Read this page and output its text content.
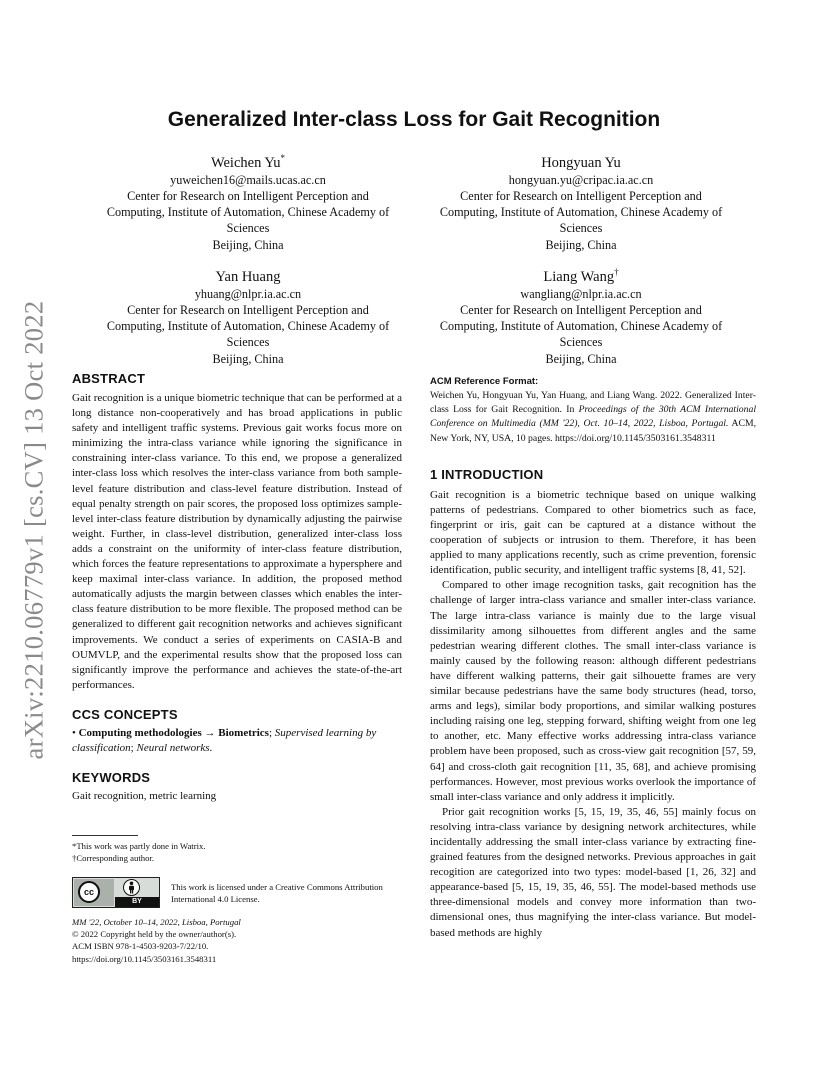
arXiv:2210.06779v1 [cs.CV] 13 Oct 2022
Generalized Inter-class Loss for Gait Recognition
Weichen Yu*
yuweichen16@mails.ucas.ac.cn
Center for Research on Intelligent Perception and
Computing, Institute of Automation, Chinese Academy of
Sciences
Beijing, China
Hongyuan Yu
hongyuan.yu@cripac.ia.ac.cn
Center for Research on Intelligent Perception and
Computing, Institute of Automation, Chinese Academy of
Sciences
Beijing, China
Yan Huang
yhuang@nlpr.ia.ac.cn
Center for Research on Intelligent Perception and
Computing, Institute of Automation, Chinese Academy of
Sciences
Beijing, China
Liang Wang†
wangliang@nlpr.ia.ac.cn
Center for Research on Intelligent Perception and
Computing, Institute of Automation, Chinese Academy of
Sciences
Beijing, China

ABSTRACT

Gait recognition is a unique biometric technique that can be performed at a long distance non-cooperatively and has broad applications in public safety and intelligent traffic systems. Previous gait works focus more on minimizing the intra-class variance while ignoring the significance in constraining inter-class variance. To this end, we propose a generalized inter-class loss which resolves the inter-class variance from both sample-level feature distribution and class-level feature distribution. Instead of equal penalty strength on pair scores, the proposed loss optimizes sample-level inter-class feature distribution by dynamically adjusting the pairwise weight. Further, in class-level distribution, generalized inter-class loss adds a constraint on the uniformity of inter-class feature distribution, which forces the feature representations to approximate a hypersphere and keep maximal inter-class variance. In addition, the proposed method automatically adjusts the margin between classes which enables the inter-class feature distribution to be more flexible. The proposed method can be generalized to different gait recognition networks and achieves significant improvements. We conduct a series of experiments on CASIA-B and OUMVLP, and the experimental results show that the proposed loss can significantly improve the performance and achieves the state-of-the-art performances.

CCS CONCEPTS

• Computing methodologies → Biometrics; Supervised learning by classification; Neural networks.

KEYWORDS

Gait recognition, metric learning

*This work was partly done in Watrix.

†Corresponding author.

cc
BY
This work is licensed under a Creative Commons Attribution International 4.0 License.

MM '22, October 10–14, 2022, Lisboa, Portugal

© 2022 Copyright held by the owner/author(s).

ACM ISBN 978-1-4503-9203-7/22/10.

https://doi.org/10.1145/3503161.3548311

ACM Reference Format:

Weichen Yu, Hongyuan Yu, Yan Huang, and Liang Wang. 2022. Generalized Inter-class Loss for Gait Recognition. In Proceedings of the 30th ACM International Conference on Multimedia (MM '22), Oct. 10–14, 2022, Lisboa, Portugal. ACM, New York, NY, USA, 10 pages. https://doi.org/10.1145/3503161.3548311

1 INTRODUCTION

Gait recognition is a biometric technique based on unique walking patterns of pedestrians. Compared to other biometrics such as face, fingerprint or iris, gait can be captured at a distance without the cooperation of subjects or intrusion to them. Therefore, it has been applied to many applications recently, such as crime prevention, forensic identification, public security, and intelligent traffic systems [8, 41, 52].

Compared to other image recognition tasks, gait recognition has the challenge of larger intra-class variance and smaller inter-class variance. The large intra-class variance is mainly due to the large visual dissimilarity among silhouettes from different angles and the same pedestrian wearing different clothes. The small inter-class variance is mainly caused by the following reason: although different pedestrians have different walking patterns, their gait silhouette frames are very similar because pedestrians have the same body structures (head, torso, arms and legs), similar body proportions, and similar walking postures including raising one leg, stepping forward, shifting weight from one leg to another, etc. Many effective works addressing intra-class variance problem have been proposed, such as cross-view gait recognition [57, 59, 64] and cross-cloth gait recognition [11, 35, 68], and achieve promising performances. However, most previous works overlook the importance of small inter-class variance and only address it implicitly.

Prior gait recognition works [5, 15, 19, 35, 46, 55] mainly focus on resolving intra-class variance by designing network architectures, while incidentally addressing the small inter-class variance by extracting fine-grained features from the designed networks. Previous approaches in gait recogition are categorized into two types: model-based [1, 26, 32] and appearance-based [5, 15, 19, 35, 46, 55]. The model-based methods use three-dimensional models and convey more information than two-dimensional ones, thus magnifying the inter-class variance. But model-based methods are highly
